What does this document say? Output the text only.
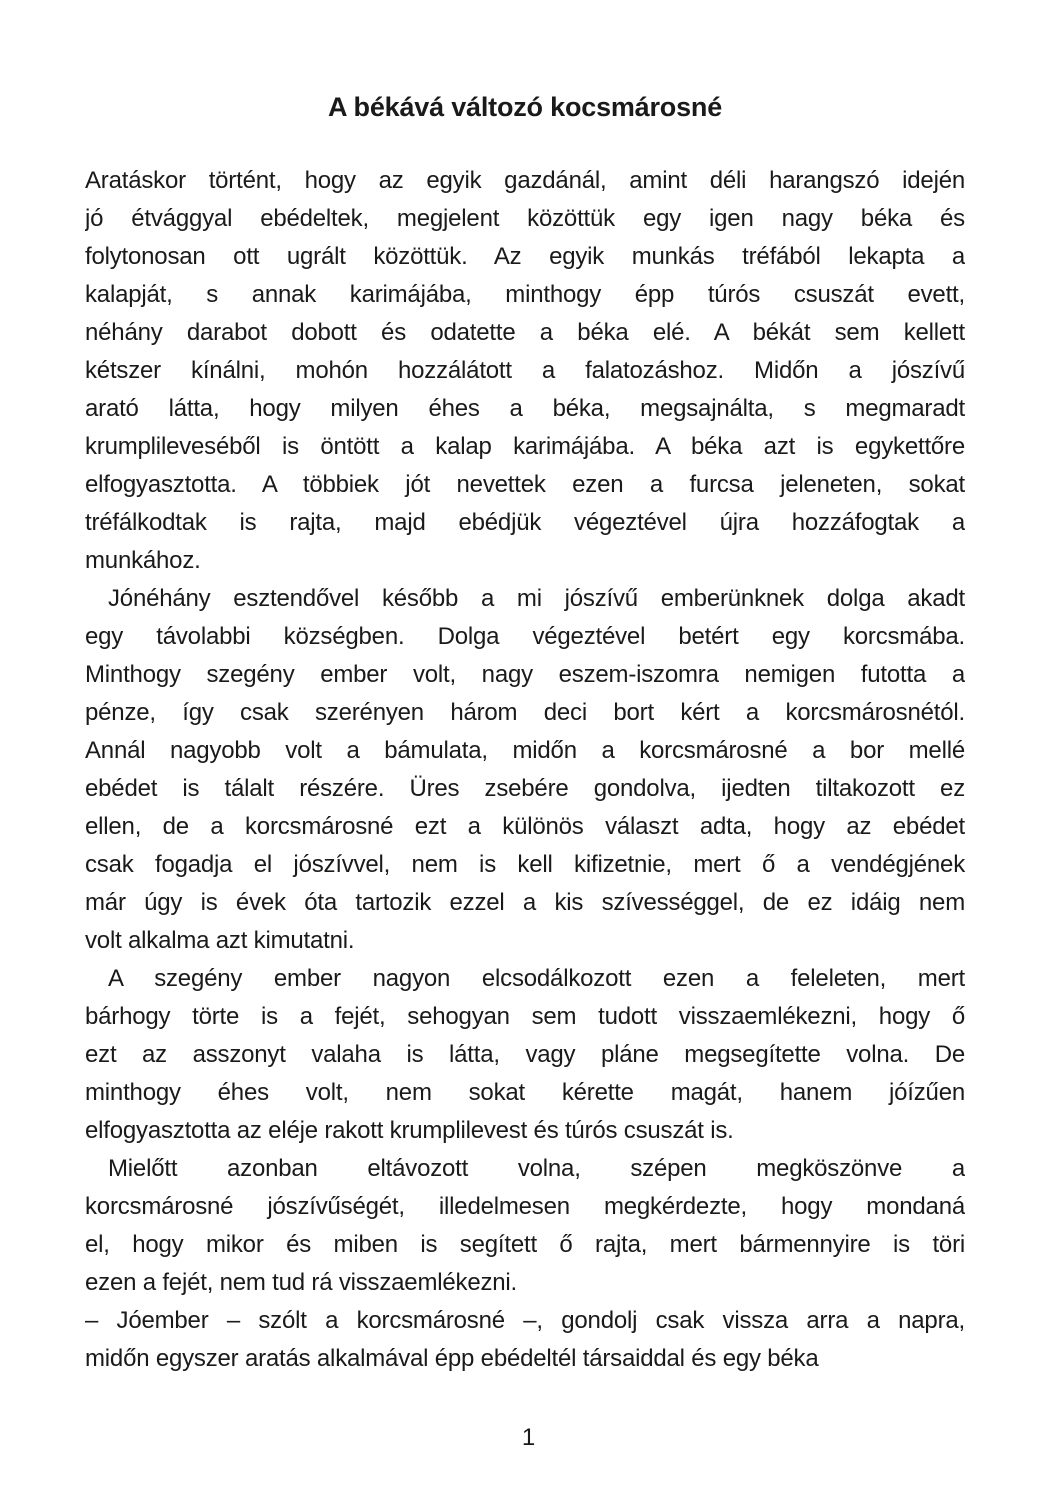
A békává változó kocsmárosné
Aratáskor történt, hogy az egyik gazdánál, amint déli harangszó idején
jó étvággyal ebédeltek, megjelent közöttük egy igen nagy béka és
folytonosan ott ugrált közöttük. Az egyik munkás tréfából lekapta a
kalapját, s annak karimájába, minthogy épp túrós csuszát evett,
néhány darabot dobott és odatette a béka elé. A békát sem kellett
kétszer kínálni, mohón hozzálátott a falatozáshoz. Midőn a jószívű
arató látta, hogy milyen éhes a béka, megsajnálta, s megmaradt
krumplileveséből is öntött a kalap karimájába. A béka azt is egykettőre
elfogyasztotta. A többiek jót nevettek ezen a furcsa jeleneten, sokat
tréfálkodtak is rajta, majd ebédjük végeztével újra hozzáfogtak a
munkához.
Jónéhány esztendővel később a mi jószívű emberünknek dolga akadt
egy távolabbi községben. Dolga végeztével betért egy korcsmába.
Minthogy szegény ember volt, nagy eszem-iszomra nemigen futotta a
pénze, így csak szerényen három deci bort kért a korcsmárosnétól.
Annál nagyobb volt a bámulata, midőn a korcsmárosné a bor mellé
ebédet is tálalt részére. Üres zsebére gondolva, ijedten tiltakozott ez
ellen, de a korcsmárosné ezt a különös választ adta, hogy az ebédet
csak fogadja el jószívvel, nem is kell kifizetnie, mert ő a vendégjének
már úgy is évek óta tartozik ezzel a kis szívességgel, de ez idáig nem
volt alkalma azt kimutatni.
A szegény ember nagyon elcsodálkozott ezen a feleleten, mert
bárhogy törte is a fejét, sehogyan sem tudott visszaemlékezni, hogy ő
ezt az asszonyt valaha is látta, vagy pláne megsegítette volna. De
minthogy éhes volt, nem sokat kérette magát, hanem jóízűen
elfogyasztotta az eléje rakott krumplilevest és túrós csuszát is.
Mielőtt azonban eltávozott volna, szépen megköszönve a
korcsmárosné jószívűségét, illedelmesen megkérdezte, hogy mondaná
el, hogy mikor és miben is segített ő rajta, mert bármennyire is töri
ezen a fejét, nem tud rá visszaemlékezni.
– Jóember – szólt a korcsmárosné –, gondolj csak vissza arra a napra,
midőn egyszer aratás alkalmával épp ebédeltél társaiddal és egy béka
1
